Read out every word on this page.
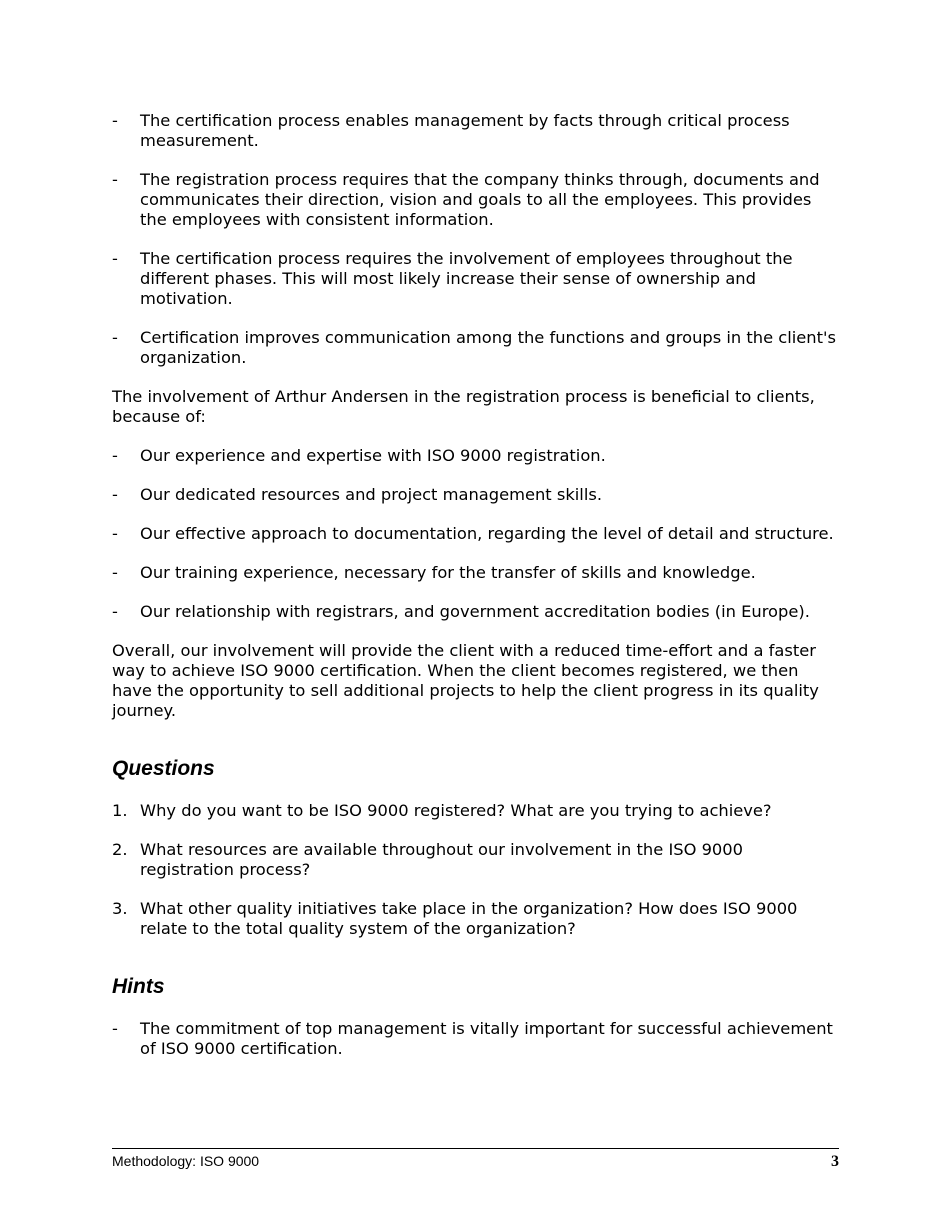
-	The certification process enables management by facts through critical process measurement.
-	The registration process requires that the company thinks through, documents and communicates their direction, vision and goals to all the employees. This provides the employees with consistent information.
-	The certification process requires the involvement of employees throughout the different phases. This will most likely increase their sense of ownership and motivation.
-	Certification improves communication among the functions and groups in the client's organization.

The involvement of Arthur Andersen in the registration process is beneficial to clients, because of:

-	Our experience and expertise with ISO 9000 registration.
-	Our dedicated resources and project management skills.
-	Our effective approach to documentation, regarding the level of detail and structure.
-	Our training experience, necessary for the transfer of skills and knowledge.
-	Our relationship with registrars, and government accreditation bodies (in Europe).

Overall, our involvement will provide the client with a reduced time-effort and a faster way to achieve ISO 9000 certification. When the client becomes registered, we then have the opportunity to sell additional projects to help the client progress in its quality journey.

Questions
1. Why do you want to be ISO 9000 registered? What are you trying to achieve?
2. What resources are available throughout our involvement in the ISO 9000 registration process?
3. What other quality initiatives take place in the organization? How does ISO 9000 relate to the total quality system of the organization?
Hints
-	The commitment of top management is vitally important for successful achievement of ISO 9000 certification.
Methodology: ISO 9000	3
